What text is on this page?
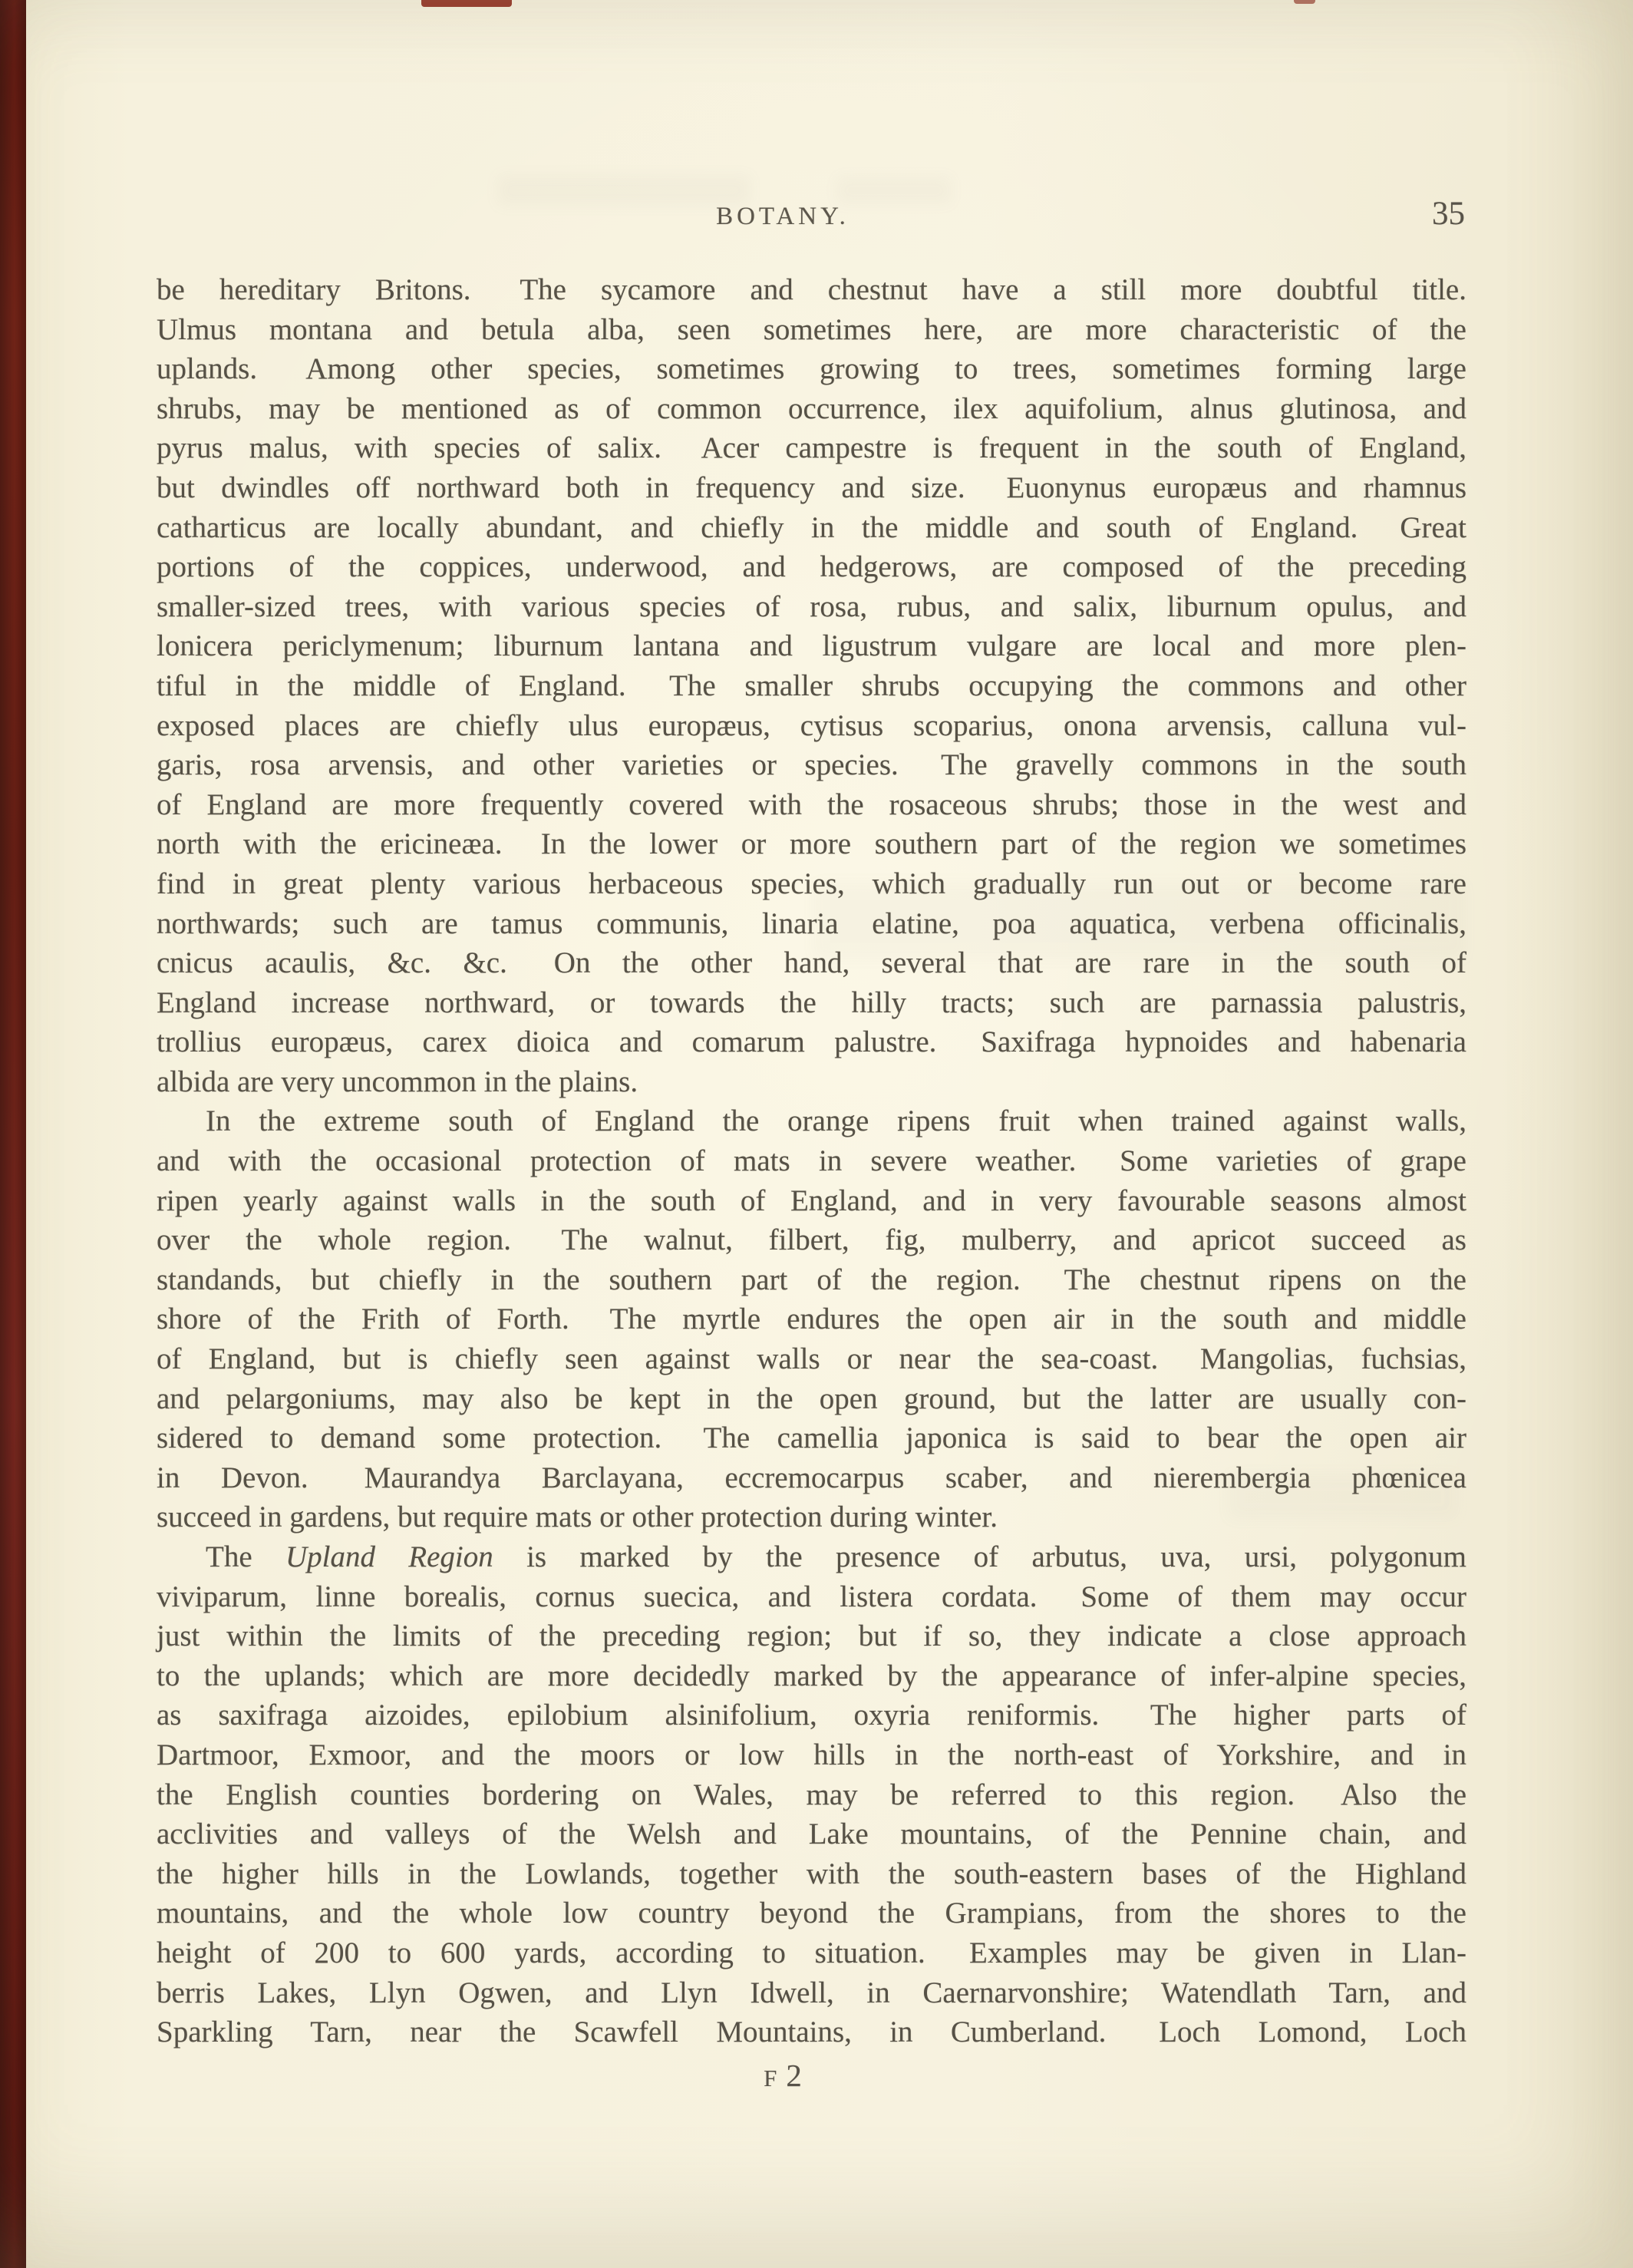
BOTANY.	35
be hereditary Britons.  The sycamore and chestnut have a still more doubtful title.
Ulmus montana and betula alba, seen sometimes here, are more characteristic of the
uplands.  Among other species, sometimes growing to trees, sometimes forming large
shrubs, may be mentioned as of common occurrence, ilex aquifolium, alnus glutinosa, and
pyrus malus, with species of salix.  Acer campestre is frequent in the south of England,
but dwindles off northward both in frequency and size.  Euonynus europæus and rhamnus
catharticus are locally abundant, and chiefly in the middle and south of England.  Great
portions of the coppices, underwood, and hedgerows, are composed of the preceding
smaller-sized trees, with various species of rosa, rubus, and salix, liburnum opulus, and
lonicera periclymenum; liburnum lantana and ligustrum vulgare are local and more plen-
tiful in the middle of England.  The smaller shrubs occupying the commons and other
exposed places are chiefly ulus europæus, cytisus scoparius, onona arvensis, calluna vul-
garis, rosa arvensis, and other varieties or species.  The gravelly commons in the south
of England are more frequently covered with the rosaceous shrubs; those in the west and
north with the ericineæa.  In the lower or more southern part of the region we sometimes
find in great plenty various herbaceous species, which gradually run out or become rare
northwards; such are tamus communis, linaria elatine, poa aquatica, verbena officinalis,
cnicus acaulis, &c. &c.  On the other hand, several that are rare in the south of
England increase northward, or towards the hilly tracts; such are parnassia palustris,
trollius europæus, carex dioica and comarum palustre.  Saxifraga hypnoides and habenaria
albida are very uncommon in the plains.
In the extreme south of England the orange ripens fruit when trained against walls,
and with the occasional protection of mats in severe weather.  Some varieties of grape
ripen yearly against walls in the south of England, and in very favourable seasons almost
over the whole region.  The walnut, filbert, fig, mulberry, and apricot succeed as
standands, but chiefly in the southern part of the region.  The chestnut ripens on the
shore of the Frith of Forth.  The myrtle endures the open air in the south and middle
of England, but is chiefly seen against walls or near the sea-coast.  Mangolias, fuchsias,
and pelargoniums, may also be kept in the open ground, but the latter are usually con-
sidered to demand some protection.  The camellia japonica is said to bear the open air
in Devon.  Maurandya Barclayana, eccremocarpus scaber, and nierembergia phœnicea
succeed in gardens, but require mats or other protection during winter.
The Upland Region is marked by the presence of arbutus, uva, ursi, polygonum
viviparum, linne borealis, cornus suecica, and listera cordata.  Some of them may occur
just within the limits of the preceding region; but if so, they indicate a close approach
to the uplands; which are more decidedly marked by the appearance of infer-alpine species,
as saxifraga aizoides, epilobium alsinifolium, oxyria reniformis.  The higher parts of
Dartmoor, Exmoor, and the moors or low hills in the north-east of Yorkshire, and in
the English counties bordering on Wales, may be referred to this region.  Also the
acclivities and valleys of the Welsh and Lake mountains, of the Pennine chain, and
the higher hills in the Lowlands, together with the south-eastern bases of the Highland
mountains, and the whole low country beyond the Grampians, from the shores to the
height of 200 to 600 yards, according to situation.  Examples may be given in Llan-
berris Lakes, Llyn Ogwen, and Llyn Idwell, in Caernarvonshire; Watendlath Tarn, and
Sparkling Tarn, near the Scawfell Mountains, in Cumberland.  Loch Lomond, Loch
F 2
